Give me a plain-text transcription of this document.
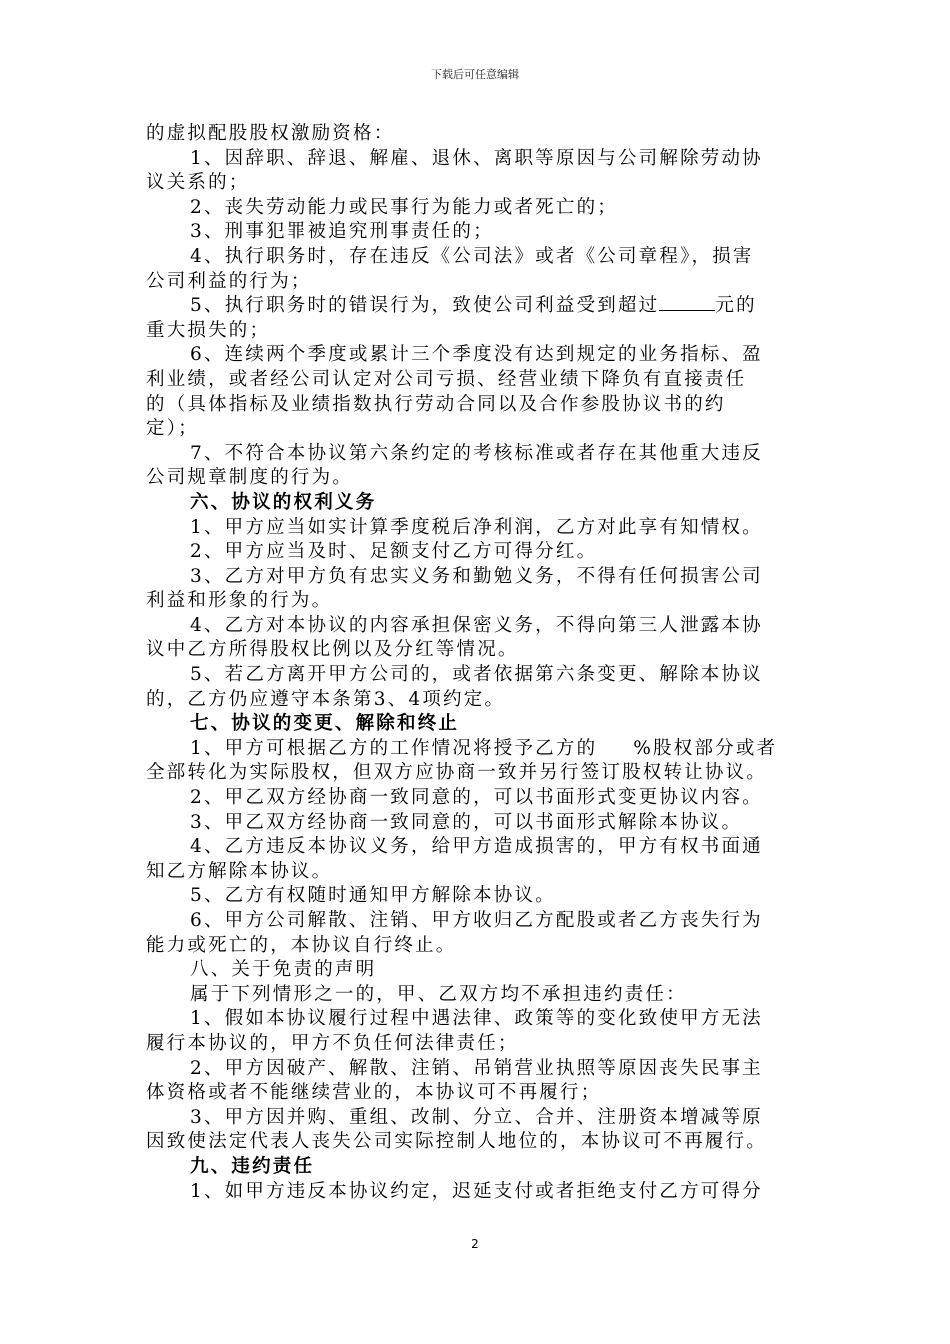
下载后可任意编辑
的虚拟配股股权激励资格：
1、因辞职、辞退、解雇、退休、离职等原因与公司解除劳动协
议关系的；
2、丧失劳动能力或民事行为能力或者死亡的；
3、刑事犯罪被追究刑事责任的；
4、执行职务时，存在违反《公司法》或者《公司章程》，损害
公司利益的行为；
5、执行职务时的错误行为，致使公司利益受到超过	元的
重大损失的；
6、连续两个季度或累计三个季度没有达到规定的业务指标、盈
利业绩，或者经公司认定对公司亏损、经营业绩下降负有直接责任
的（具体指标及业绩指数执行劳动合同以及合作参股协议书的约
定）；
7、不符合本协议第六条约定的考核标准或者存在其他重大违反
公司规章制度的行为。
六、协议的权利义务
1、甲方应当如实计算季度税后净利润，乙方对此享有知情权。
2、甲方应当及时、足额支付乙方可得分红。
3、乙方对甲方负有忠实义务和勤勉义务，不得有任何损害公司
利益和形象的行为。
4、乙方对本协议的内容承担保密义务，不得向第三人泄露本协
议中乙方所得股权比例以及分红等情况。
5、若乙方离开甲方公司的，或者依据第六条变更、解除本协议
的，乙方仍应遵守本条第3、4项约定。
七、协议的变更、解除和终止
1、甲方可根据乙方的工作情况将授予乙方的 %股权部分或者
全部转化为实际股权，但双方应协商一致并另行签订股权转让协议。
2、甲乙双方经协商一致同意的，可以书面形式变更协议内容。
3、甲乙双方经协商一致同意的，可以书面形式解除本协议。
4、乙方违反本协议义务，给甲方造成损害的，甲方有权书面通
知乙方解除本协议。
5、乙方有权随时通知甲方解除本协议。
6、甲方公司解散、注销、甲方收归乙方配股或者乙方丧失行为
能力或死亡的，本协议自行终止。
八、关于免责的声明
属于下列情形之一的，甲、乙双方均不承担违约责任：
1、假如本协议履行过程中遇法律、政策等的变化致使甲方无法
履行本协议的，甲方不负任何法律责任；
2、甲方因破产、解散、注销、吊销营业执照等原因丧失民事主
体资格或者不能继续营业的，本协议可不再履行；
3、甲方因并购、重组、改制、分立、合并、注册资本增减等原
因致使法定代表人丧失公司实际控制人地位的，本协议可不再履行。
九、违约责任
1、如甲方违反本协议约定，迟延支付或者拒绝支付乙方可得分
2
